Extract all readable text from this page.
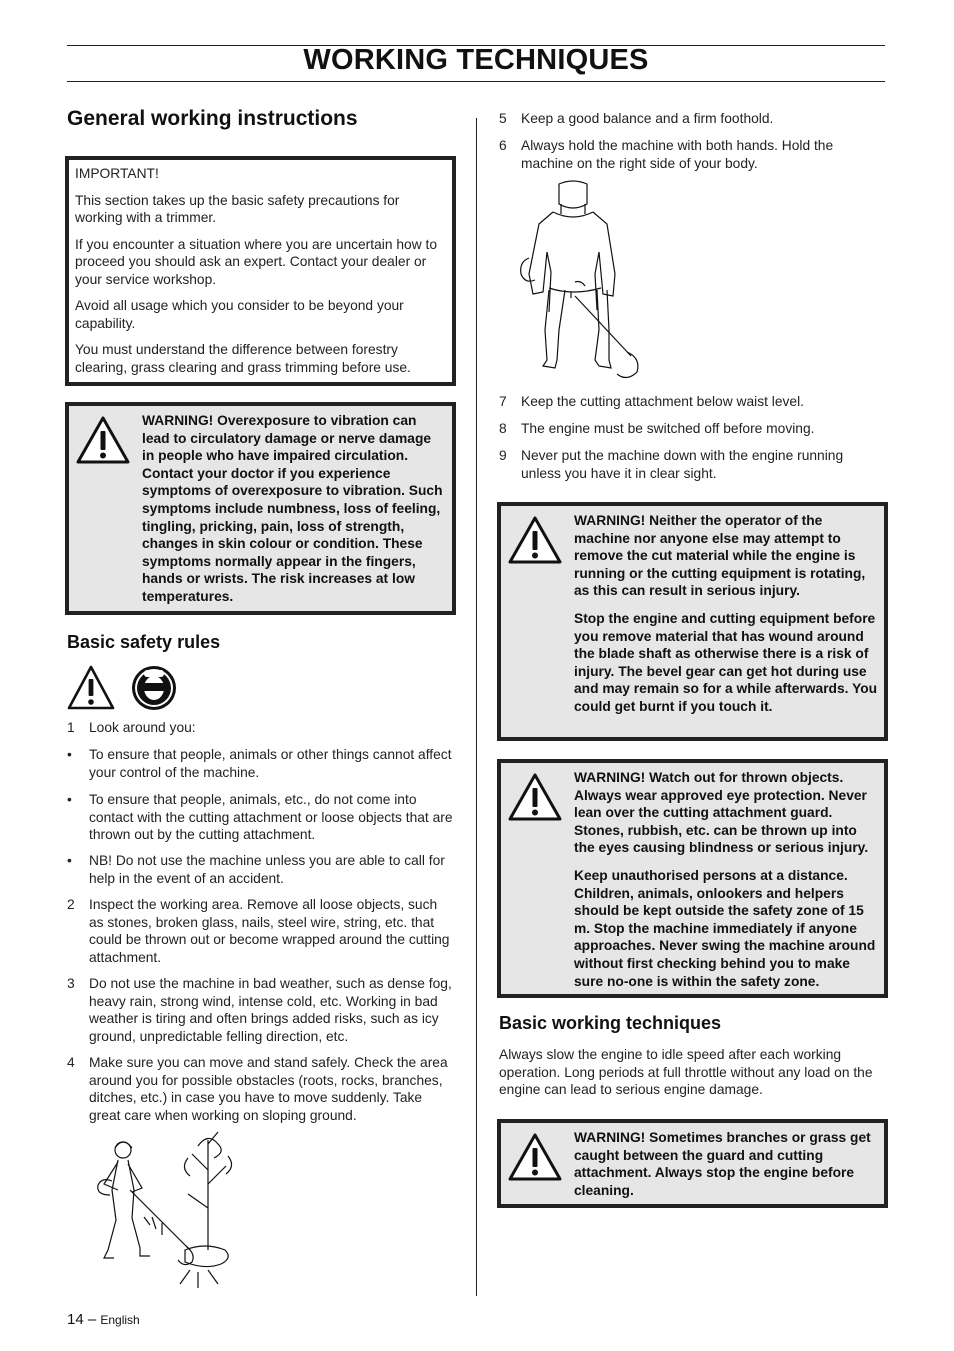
WORKING TECHNIQUES
General working instructions
IMPORTANT!
This section takes up the basic safety precautions for working with a trimmer.
If you encounter a situation where you are uncertain how to proceed you should ask an expert. Contact your dealer or your service workshop.
Avoid all usage which you consider to be beyond your capability.
You must understand the difference between forestry clearing, grass clearing and grass trimming before use.
WARNING! Overexposure to vibration can lead to circulatory damage or nerve damage in people who have impaired circulation. Contact your doctor if you experience symptoms of overexposure to vibration. Such symptoms include numbness, loss of feeling, tingling, pricking, pain, loss of strength, changes in skin colour or condition. These symptoms normally appear in the fingers, hands or wrists. The risk increases at low temperatures.
Basic safety rules
1 Look around you:
• To ensure that people, animals or other things cannot affect your control of the machine.
• To ensure that people, animals, etc., do not come into contact with the cutting attachment or loose objects that are thrown out by the cutting attachment.
• NB! Do not use the machine unless you are able to call for help in the event of an accident.
2 Inspect the working area. Remove all loose objects, such as stones, broken glass, nails, steel wire, string, etc. that could be thrown out or become wrapped around the cutting attachment.
3 Do not use the machine in bad weather, such as dense fog, heavy rain, strong wind, intense cold, etc. Working in bad weather is tiring and often brings added risks, such as icy ground, unpredictable felling direction, etc.
4 Make sure you can move and stand safely. Check the area around you for possible obstacles (roots, rocks, branches, ditches, etc.) in case you have to move suddenly. Take great care when working on sloping ground.
5 Keep a good balance and a firm foothold.
6 Always hold the machine with both hands. Hold the machine on the right side of your body.
7 Keep the cutting attachment below waist level.
8 The engine must be switched off before moving.
9 Never put the machine down with the engine running unless you have it in clear sight.
WARNING! Neither the operator of the machine nor anyone else may attempt to remove the cut material while the engine is running or the cutting equipment is rotating, as this can result in serious injury.
Stop the engine and cutting equipment before you remove material that has wound around the blade shaft as otherwise there is a risk of injury. The bevel gear can get hot during use and may remain so for a while afterwards. You could get burnt if you touch it.
WARNING! Watch out for thrown objects. Always wear approved eye protection. Never lean over the cutting attachment guard. Stones, rubbish, etc. can be thrown up into the eyes causing blindness or serious injury.
Keep unauthorised persons at a distance. Children, animals, onlookers and helpers should be kept outside the safety zone of 15 m. Stop the machine immediately if anyone approaches. Never swing the machine around without first checking behind you to make sure no-one is within the safety zone.
Basic working techniques
Always slow the engine to idle speed after each working operation. Long periods at full throttle without any load on the engine can lead to serious engine damage.
WARNING! Sometimes branches or grass get caught between the guard and cutting attachment. Always stop the engine before cleaning.
14 – English
